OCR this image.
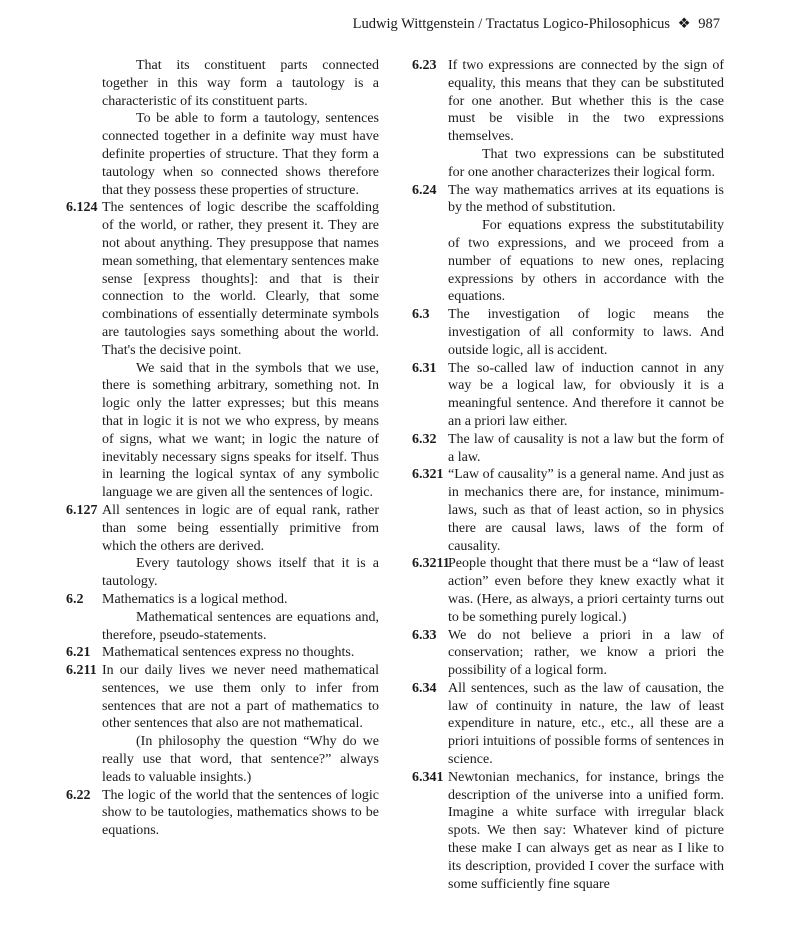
Ludwig Wittgenstein / Tractatus Logico-Philosophicus ❖ 987
That its constituent parts connected together in this way form a tautology is a characteristic of its constituent parts.
To be able to form a tautology, sentences connected together in a definite way must have definite properties of structure. That they form a tautology when so connected shows therefore that they possess these properties of structure.
6.124 The sentences of logic describe the scaffolding of the world, or rather, they present it. They are not about anything. They presuppose that names mean something, that elementary sentences make sense [express thoughts]: and that is their connection to the world. Clearly, that some combinations of essentially determinate symbols are tautologies says something about the world. That's the decisive point.
We said that in the symbols that we use, there is something arbitrary, something not. In logic only the latter expresses; but this means that in logic it is not we who express, by means of signs, what we want; in logic the nature of inevitably necessary signs speaks for itself. Thus in learning the logical syntax of any symbolic language we are given all the sentences of logic.
6.127 All sentences in logic are of equal rank, rather than some being essentially primitive from which the others are derived.
Every tautology shows itself that it is a tautology.
6.2	Mathematics is a logical method.
Mathematical sentences are equations and, therefore, pseudo-statements.
6.21 Mathematical sentences express no thoughts.
6.211 In our daily lives we never need mathematical sentences, we use them only to infer from sentences that are not a part of mathematics to other sentences that also are not mathematical.
(In philosophy the question “Why do we really use that word, that sentence?” always leads to valuable insights.)
6.22 The logic of the world that the sentences of logic show to be tautologies, mathematics shows to be equations.
6.23 If two expressions are connected by the sign of equality, this means that they can be substituted for one another. But whether this is the case must be visible in the two expressions themselves.
That two expressions can be substituted for one another characterizes their logical form.
6.24 The way mathematics arrives at its equations is by the method of substitution.
For equations express the substitutability of two expressions, and we proceed from a number of equations to new ones, replacing expressions by others in accordance with the equations.
6.3	The investigation of logic means the investigation of all conformity to laws. And outside logic, all is accident.
6.31 The so-called law of induction cannot in any way be a logical law, for obviously it is a meaningful sentence. And therefore it cannot be an a priori law either.
6.32 The law of causality is not a law but the form of a law.
6.321 “Law of causality” is a general name. And just as in mechanics there are, for instance, minimum-laws, such as that of least action, so in physics there are causal laws, laws of the form of causality.
6.3211
People thought that there must be a “law of least action” even before they knew exactly what it was. (Here, as always, a priori certainty turns out to be something purely logical.)
6.33 We do not believe a priori in a law of conservation; rather, we know a priori the possibility of a logical form.
6.34 All sentences, such as the law of causation, the law of continuity in nature, the law of least expenditure in nature, etc., etc., all these are a priori intuitions of possible forms of sentences in science.
6.341 Newtonian mechanics, for instance, brings the description of the universe into a unified form. Imagine a white surface with irregular black spots. We then say: Whatever kind of picture these make I can always get as near as I like to its description, provided I cover the surface with some sufficiently fine square
